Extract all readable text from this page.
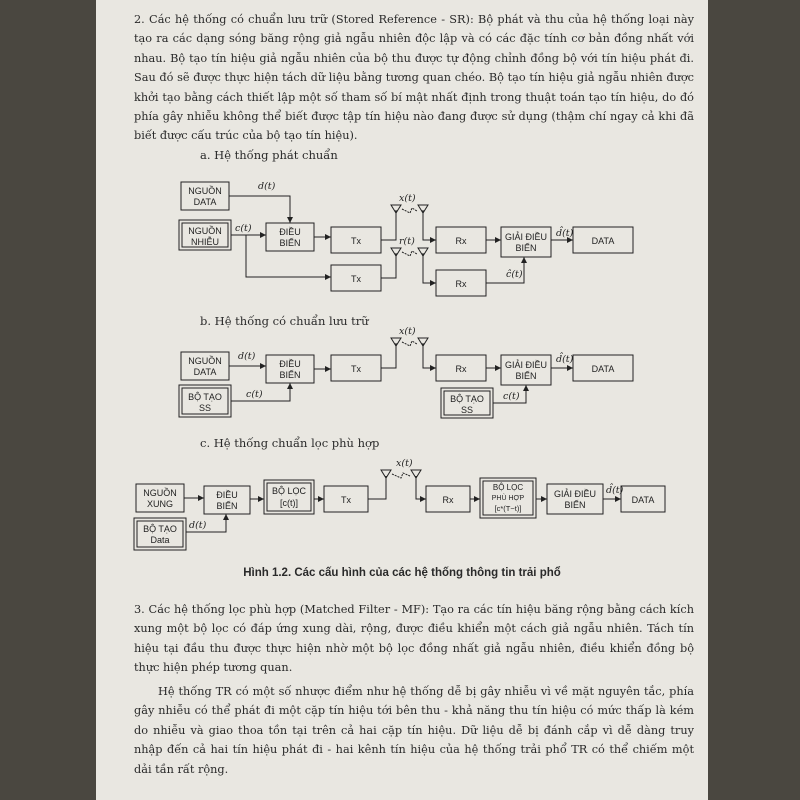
2. Các hệ thống có chuẩn lưu trữ (Stored Reference - SR): Bộ phát và thu của hệ thống loại này tạo ra các dạng sóng băng rộng giả ngẫu nhiên độc lập và có các đặc tính cơ bản đồng nhất với nhau. Bộ tạo tín hiệu giả ngẫu nhiên của bộ thu được tự động chỉnh đồng bộ với tín hiệu phát đi. Sau đó sẽ được thực hiện tách dữ liệu bằng tương quan chéo. Bộ tạo tín hiệu giả ngẫu nhiên được khởi tạo bằng cách thiết lập một số tham số bí mật nhất định trong thuật toán tạo tín hiệu, do đó phía gây nhiễu không thể biết được tập tín hiệu nào đang được sử dụng (thậm chí ngay cả khi đã biết được cấu trúc của bộ tạo tín hiệu).

a. Hệ thống phát chuẩn
NGUỒN
DATA
NGUỒN
NHIỄU
ĐIỀU
BIẾN	Tx
Tx
Rx
Rx
GIẢI ĐIỀU
BIẾN
DATA
d(t)
c(t)
x(t)
r(t)
d̂(t)
ĉ(t)
b. Hệ thống có chuẩn lưu trữ
NGUỒN
DATA
BỘ TẠO
SS
ĐIỀU
BIẾN
Tx	Rx	GIẢI ĐIỀU
BIẾN
DATA
BỘ TẠO
SS
d(t)
c(t)
x(t)
d̂(t)
c(t)
c. Hệ thống chuẩn lọc phù hợp
NGUỒN
XUNG
BỘ TẠO
Data
ĐIỀU
BIẾN
BỘ LỌC
[c(t)]	Tx	Rx
BỘ LỌC
PHÙ HỢP
[c*(T−t)]
GIẢI ĐIỀU
BIẾN	DATA
d(t)
x(t)
d̂(t)
Hình 1.2. Các cấu hình của các hệ thống thông tin trải phổ

3. Các hệ thống lọc phù hợp (Matched Filter - MF): Tạo ra các tín hiệu băng rộng bằng cách kích xung một bộ lọc có đáp ứng xung dài, rộng, được điều khiển một cách giả ngẫu nhiên. Tách tín hiệu tại đầu thu được thực hiện nhờ một bộ lọc đồng nhất giả ngẫu nhiên, điều khiển đồng bộ thực hiện phép tương quan.

Hệ thống TR có một số nhược điểm như hệ thống dễ bị gây nhiễu vì về mặt nguyên tắc, phía gây nhiễu có thể phát đi một cặp tín hiệu tới bên thu - khả năng thu tín hiệu có mức thấp là kém do nhiễu và giao thoa tồn tại trên cả hai cặp tín hiệu. Dữ liệu dễ bị đánh cắp vì dễ dàng truy nhập đến cả hai tín hiệu phát đi - hai kênh tín hiệu của hệ thống trải phổ TR có thể chiếm một dải tần rất rộng.
